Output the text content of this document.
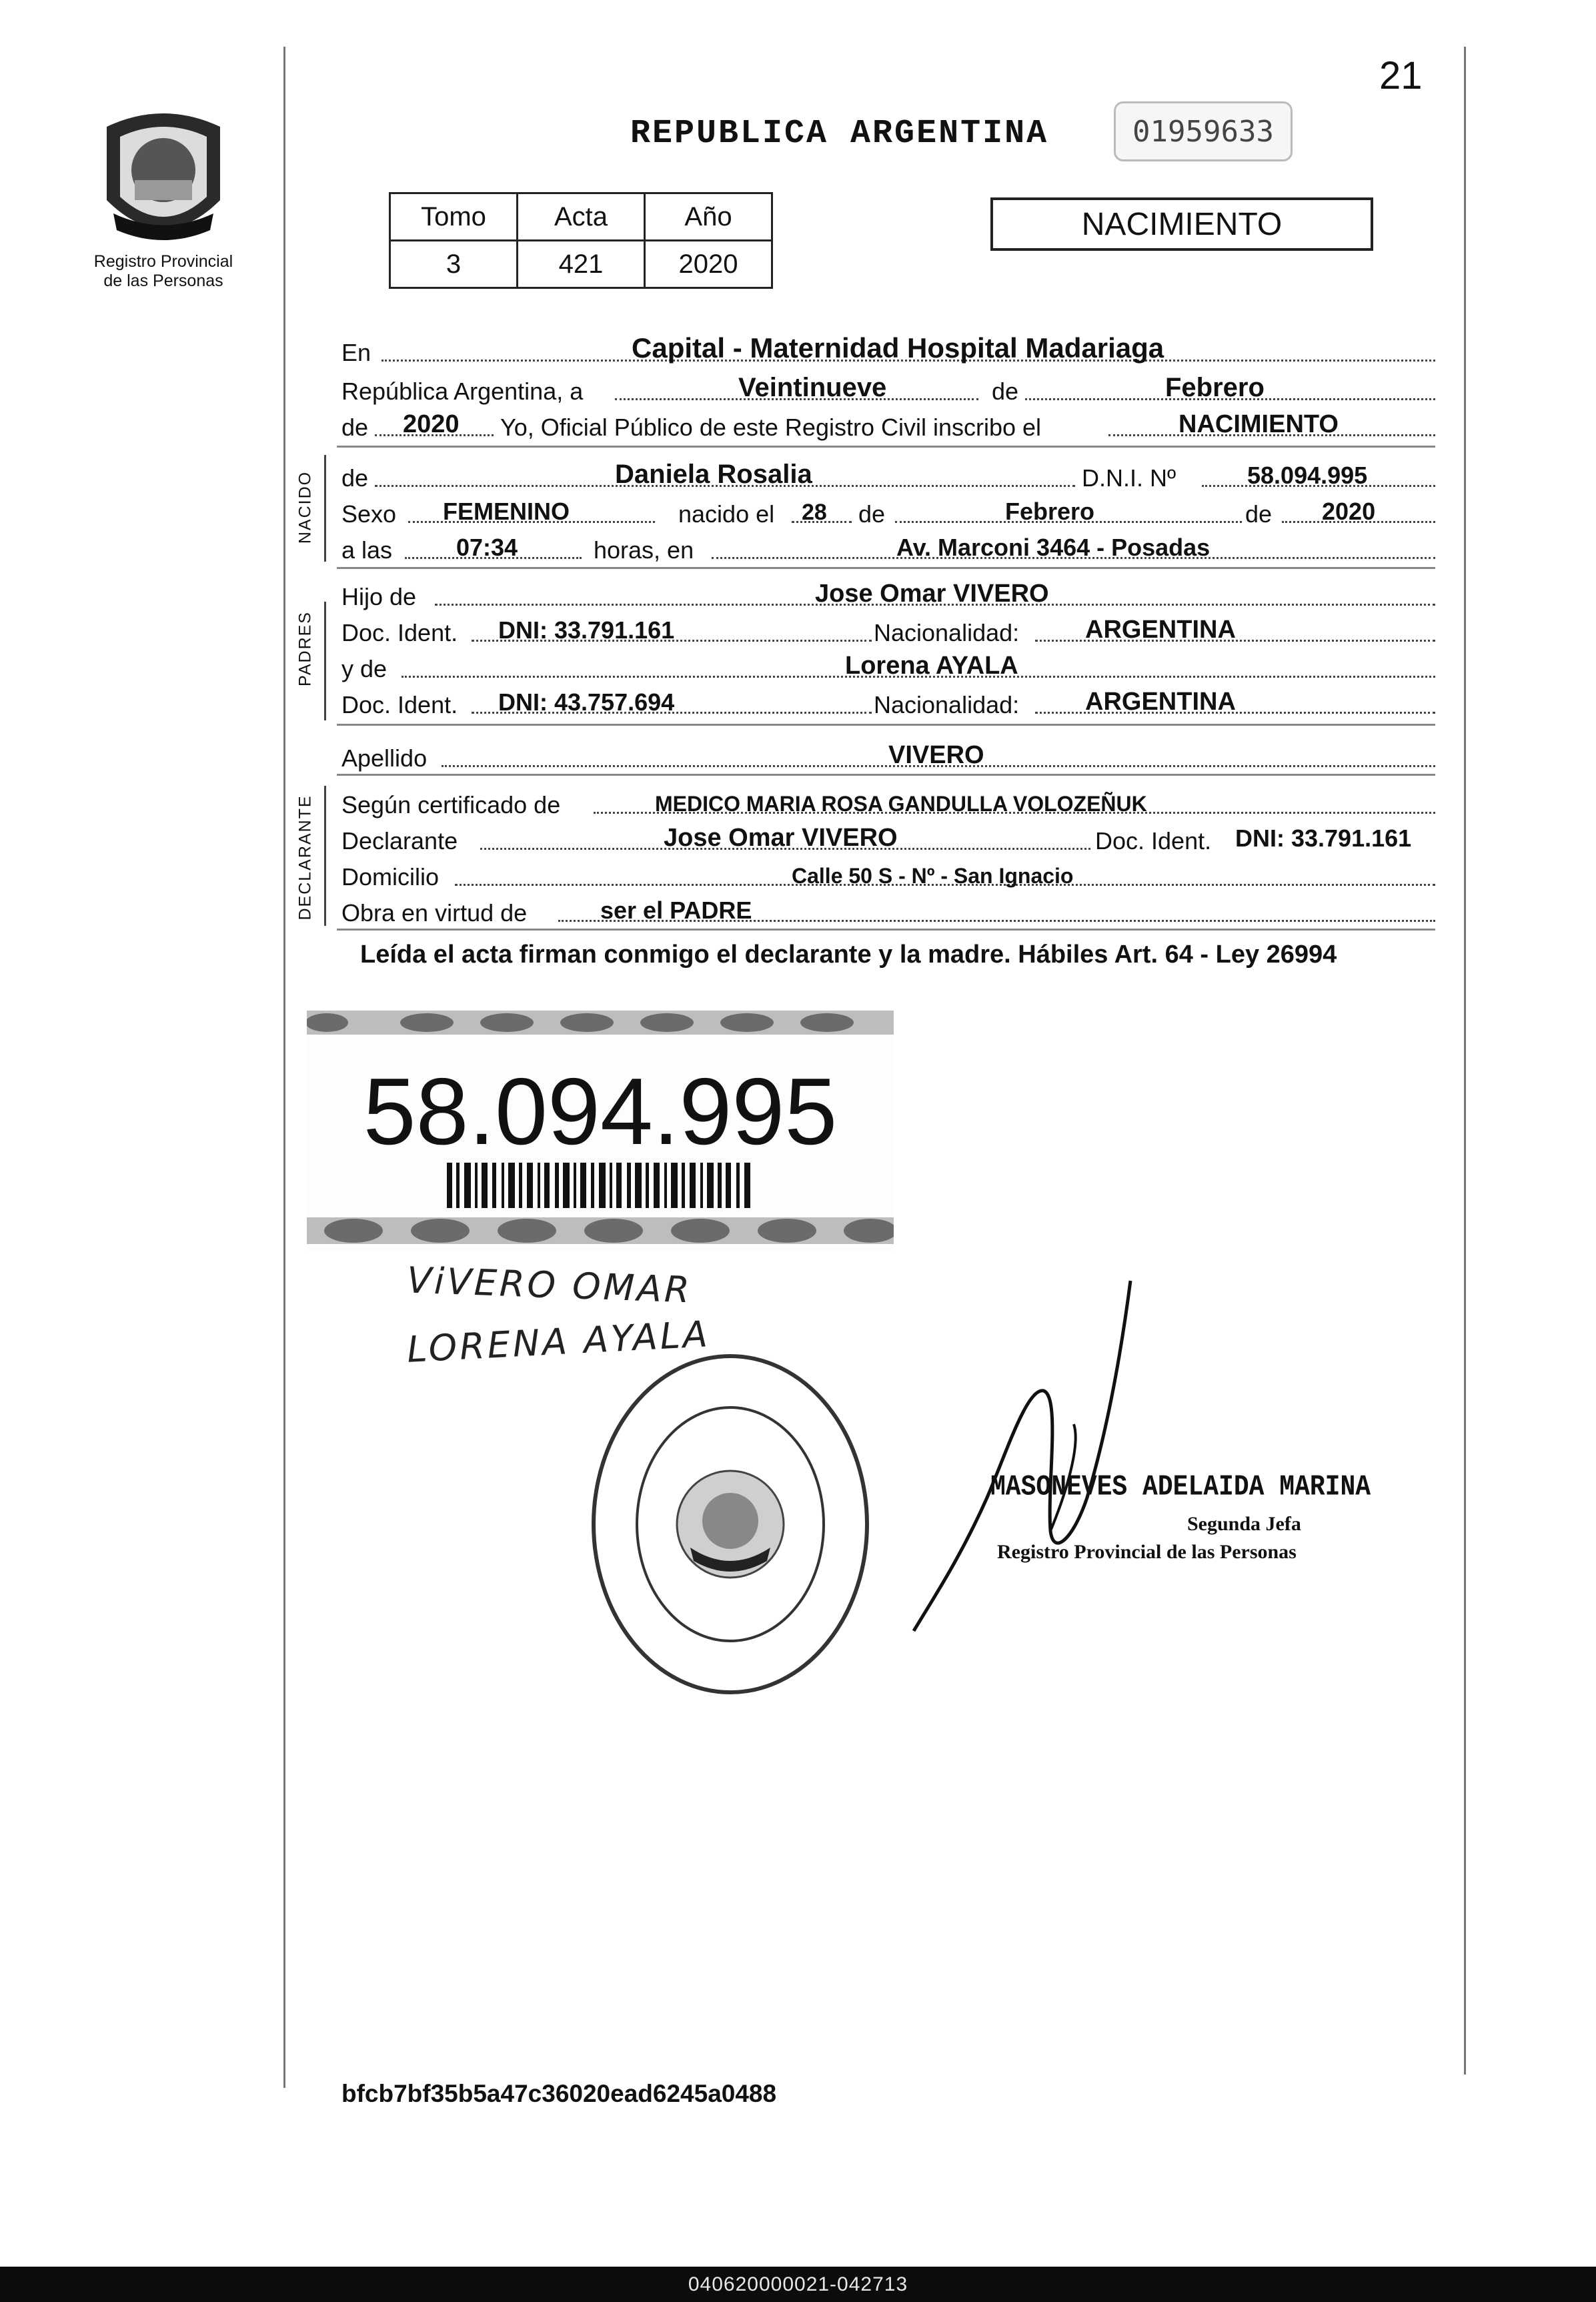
21
Registro Provincial
de las Personas
REPUBLICA ARGENTINA	01959633
Tomo	Acta	Año
3	421	2020
NACIMIENTO
En	Capital - Maternidad Hospital Madariaga
República Argentina, a	Veintinueve	de	Febrero
de 2020 Yo, Oficial Público de este Registro Civil inscribo el	NACIMIENTO
NACIDO de	Daniela Rosalia	D.N.I. Nº	58.094.995
Sexo FEMENINO	nacido el 28 de	Febrero	de 2020
a las	07:34	horas, en	Av. Marconi 3464 - Posadas
PADRES
Hijo de	Jose Omar VIVERO
Doc. Ident. DNI: 33.791.161	Nacionalidad:	ARGENTINA
y de	Lorena AYALA
Doc. Ident. DNI: 43.757.694	Nacionalidad:	ARGENTINA
Apellido	VIVERO
DECLARANTE Según certificado de	MEDICO MARIA ROSA GANDULLA VOLOZEÑUK
Declarante	Jose Omar VIVERO	Doc. Ident. DNI: 33.791.161
Domicilio	Calle 50 S - Nº - San Ignacio
Obra en virtud de	ser el PADRE
Leída el acta firman conmigo el declarante y la madre. Hábiles Art. 64 - Ley 26994
58.094.995
ViVERO OMAR
LORENA AYALA
MASONEVES ADELAIDA MARINA
Segunda Jefa
Registro Provincial de las Personas
bfcb7bf35b5a47c36020ead6245a0488
040620000021-042713
